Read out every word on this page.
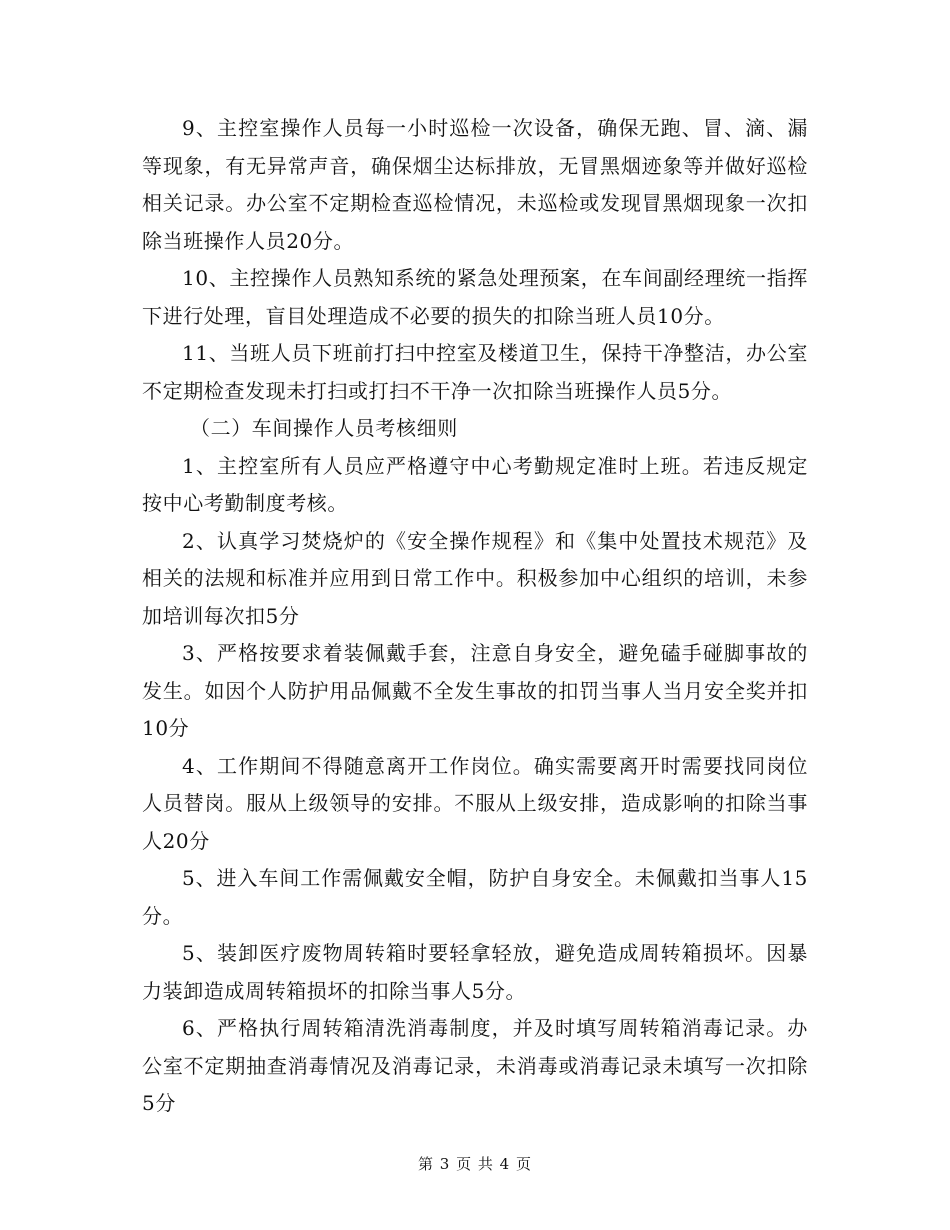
9、主控室操作人员每一小时巡检一次设备，确保无跑、冒、滴、漏等现象，有无异常声音，确保烟尘达标排放，无冒黑烟迹象等并做好巡检相关记录。办公室不定期检查巡检情况，未巡检或发现冒黑烟现象一次扣除当班操作人员20分。

10、主控操作人员熟知系统的紧急处理预案，在车间副经理统一指挥下进行处理，盲目处理造成不必要的损失的扣除当班人员10分。

11、当班人员下班前打扫中控室及楼道卫生，保持干净整洁，办公室不定期检查发现未打扫或打扫不干净一次扣除当班操作人员5分。

（二）车间操作人员考核细则

1、主控室所有人员应严格遵守中心考勤规定准时上班。若违反规定按中心考勤制度考核。

2、认真学习焚烧炉的《安全操作规程》和《集中处置技术规范》及相关的法规和标准并应用到日常工作中。积极参加中心组织的培训，未参加培训每次扣5分

3、严格按要求着装佩戴手套，注意自身安全，避免磕手碰脚事故的发生。如因个人防护用品佩戴不全发生事故的扣罚当事人当月安全奖并扣10分

4、工作期间不得随意离开工作岗位。确实需要离开时需要找同岗位人员替岗。服从上级领导的安排。不服从上级安排，造成影响的扣除当事人20分

5、进入车间工作需佩戴安全帽，防护自身安全。未佩戴扣当事人15分。

5、装卸医疗废物周转箱时要轻拿轻放，避免造成周转箱损坏。因暴力装卸造成周转箱损坏的扣除当事人5分。

6、严格执行周转箱清洗消毒制度，并及时填写周转箱消毒记录。办公室不定期抽查消毒情况及消毒记录，未消毒或消毒记录未填写一次扣除5分

第 3 页 共 4 页
